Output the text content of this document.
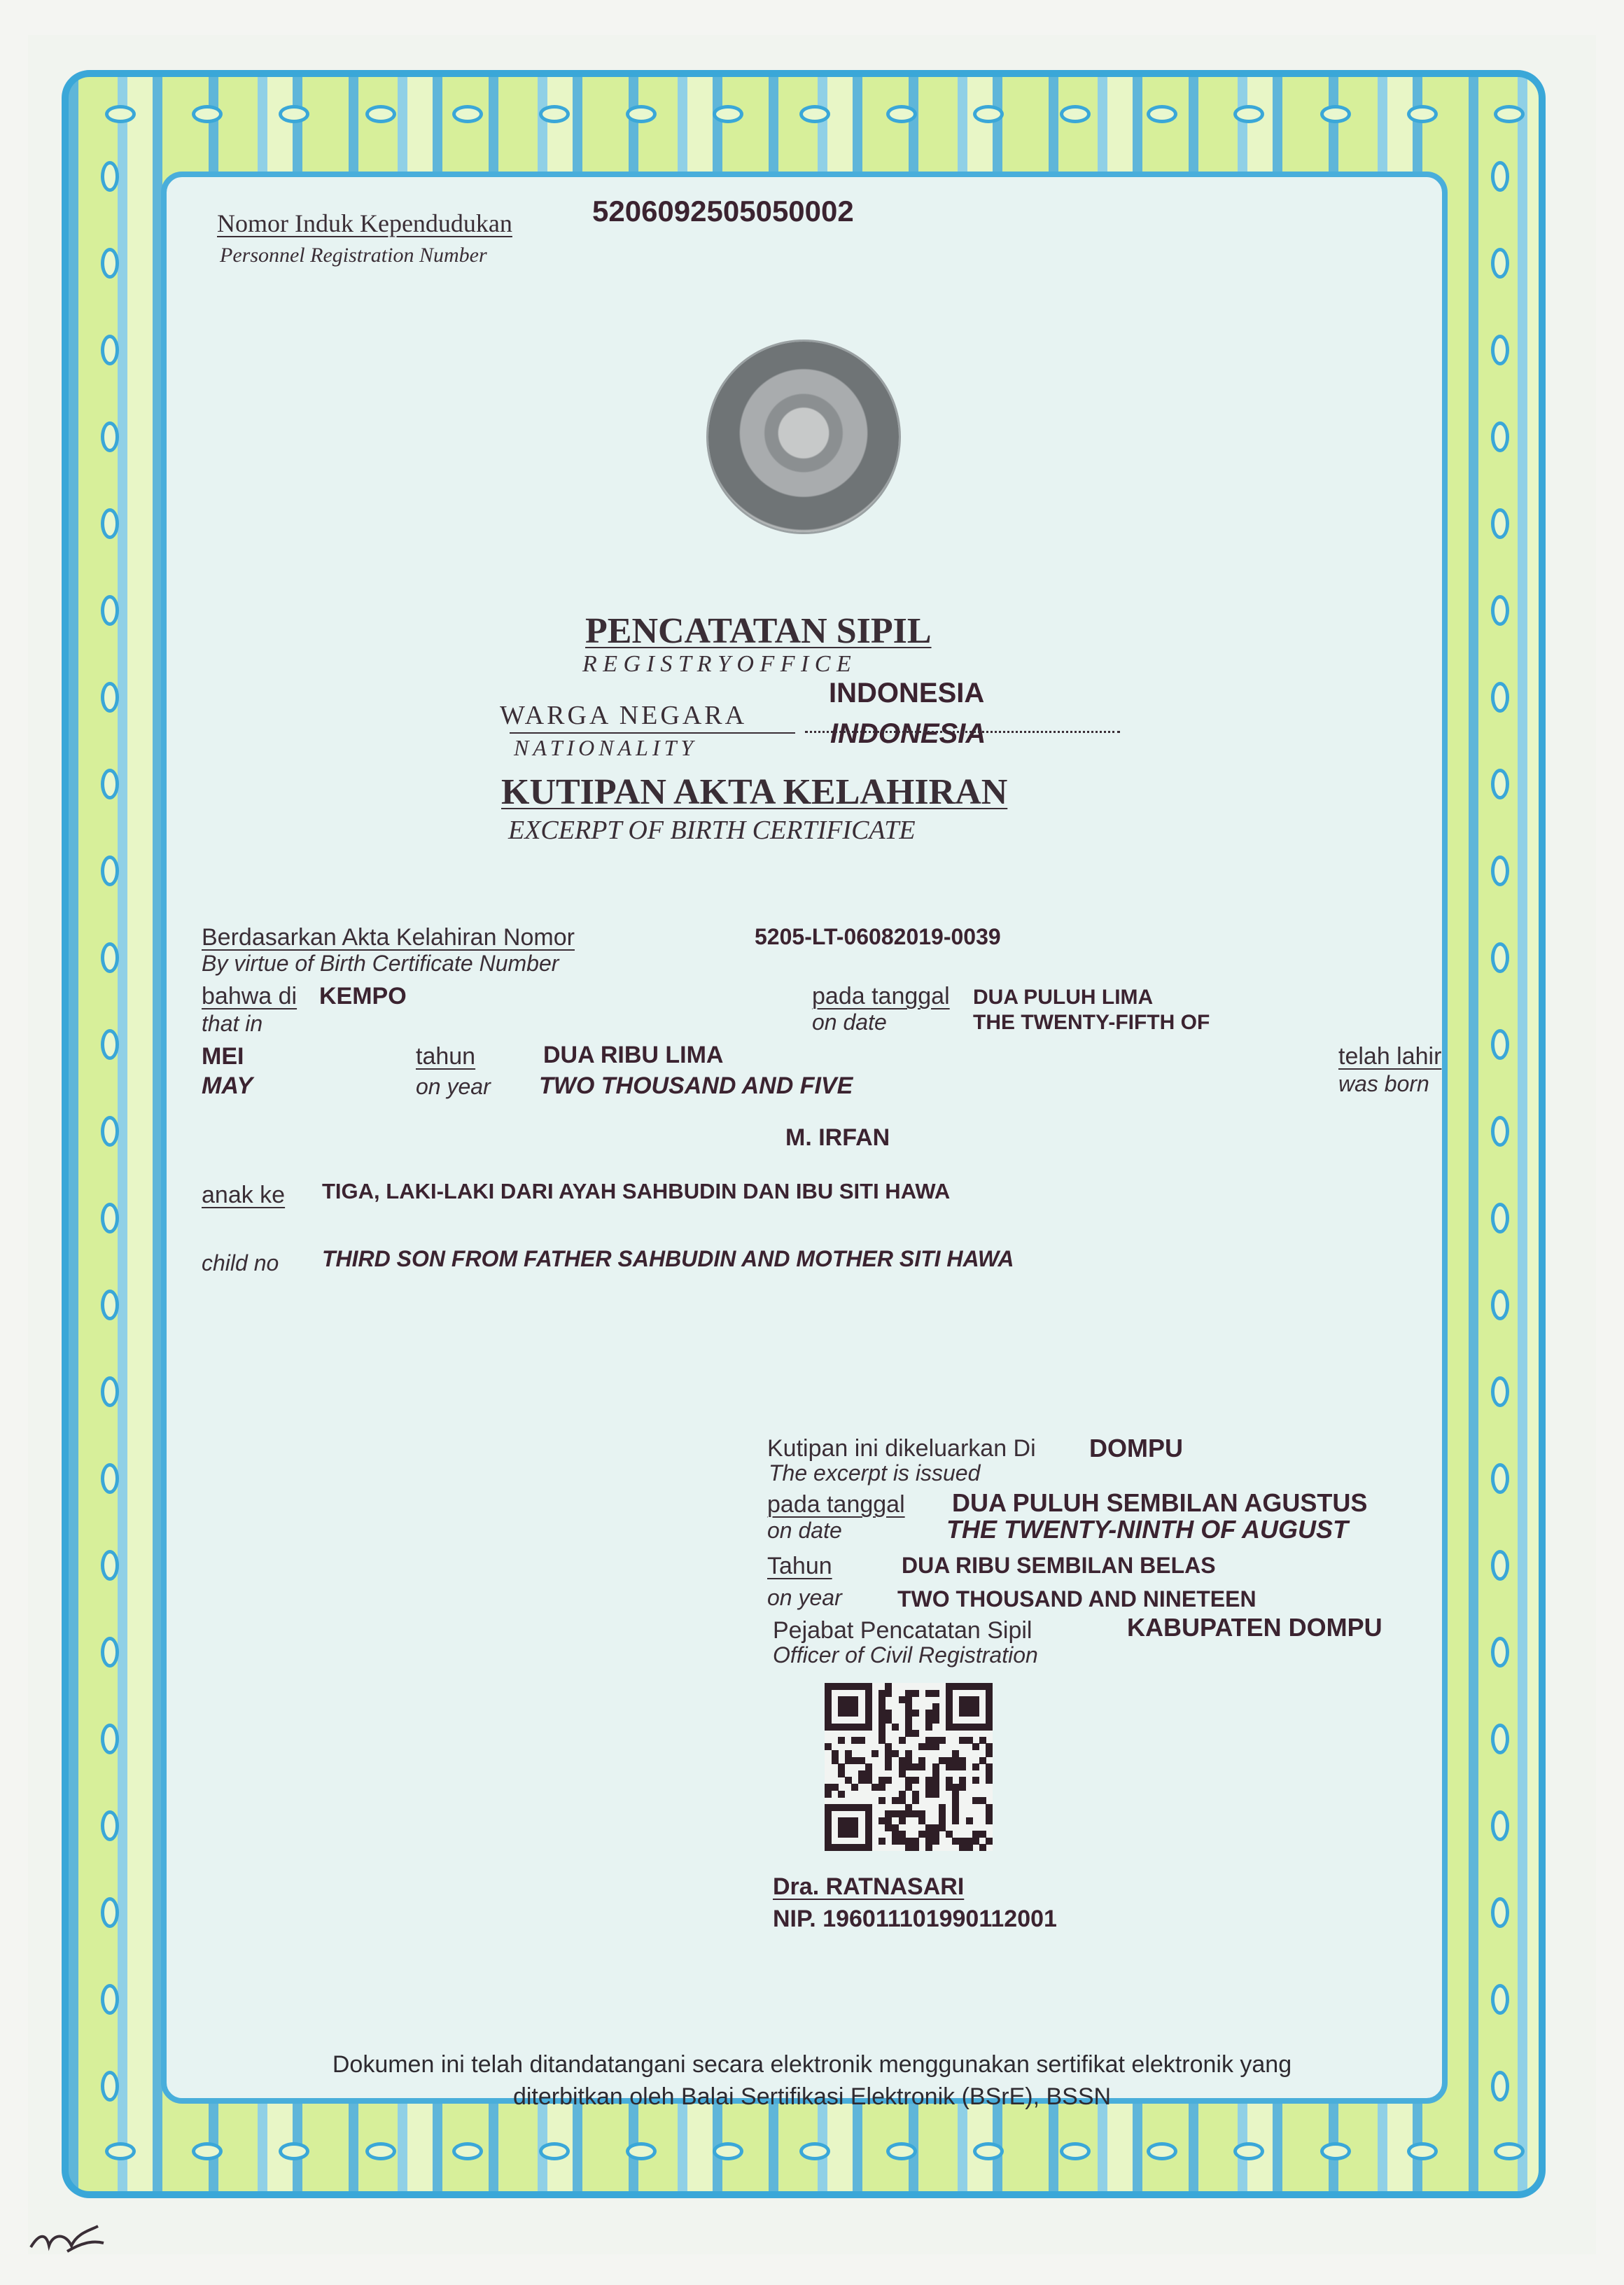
Nomor Induk Kependudukan
Personnel Registration Number
5206092505050002
PENCATATAN SIPIL
R E G I S T R Y O F F I C E
WARGA NEGARA
NATIONALITY
INDONESIA
INDONESIA
KUTIPAN AKTA KELAHIRAN
EXCERPT OF BIRTH CERTIFICATE
Berdasarkan Akta Kelahiran Nomor
By virtue of Birth Certificate Number
5205-LT-06082019-0039
bahwa di KEMPO
that in
pada tanggal
on date
DUA PULUH LIMA
THE TWENTY-FIFTH OF
MEI
MAY
tahun
on year
DUA RIBU LIMA
TWO THOUSAND AND FIVE
telah lahir
was born
M. IRFAN
anak ke TIGA, LAKI-LAKI DARI AYAH SAHBUDIN DAN IBU SITI HAWA
child no THIRD SON FROM FATHER SAHBUDIN AND MOTHER SITI HAWA
Kutipan ini dikeluarkan Di
The excerpt is issued
DOMPU
pada tanggal
on date
DUA PULUH SEMBILAN AGUSTUS
THE TWENTY-NINTH OF AUGUST
Tahun
on year
DUA RIBU SEMBILAN BELAS
TWO THOUSAND AND NINETEEN
Pejabat Pencatatan Sipil
Officer of Civil Registration
KABUPATEN DOMPU
Dra. RATNASARI
NIP. 196011101990112001
Dokumen ini telah ditandatangani secara elektronik menggunakan sertifikat elektronik yang
diterbitkan oleh Balai Sertifikasi Elektronik (BSrE), BSSN
